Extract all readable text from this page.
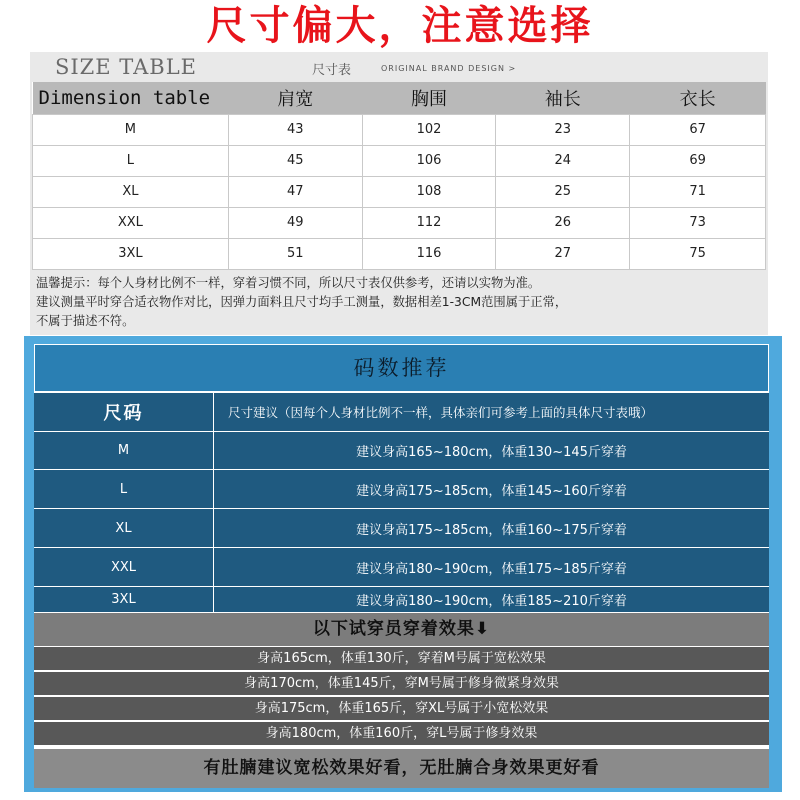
尺寸偏大，注意选择
SIZE TABLE	尺寸表	ORIGINAL BRAND DESIGN >
Dimension table	肩宽	胸围	袖长	衣长
M	43	102	23	67
L	45	106	24	69
XL	47	108	25	71
XXL	49	112	26	73
3XL	51	116	27	75
温馨提示：每个人身材比例不一样，穿着习惯不同，所以尺寸表仅供参考，还请以实物为准。
建议测量平时穿合适衣物作对比，因弹力面料且尺寸均手工测量，数据相差1-3CM范围属于正常，
不属于描述不符。
码数推荐
尺码	尺寸建议（因每个人身材比例不一样，具体亲们可参考上面的具体尺寸表哦）
M	建议身高165~180cm，体重130~145斤穿着
L	建议身高175~185cm，体重145~160斤穿着
XL	建议身高175~185cm，体重160~175斤穿着
XXL	建议身高180~190cm，体重175~185斤穿着
3XL	建议身高180~190cm，体重185~210斤穿着
以下试穿员穿着效果⬇
身高165cm，体重130斤，穿着M号属于宽松效果
身高170cm，体重145斤，穿M号属于修身微紧身效果
身高175cm，体重165斤，穿XL号属于小宽松效果
身高180cm，体重160斤，穿L号属于修身效果
有肚腩建议宽松效果好看，无肚腩合身效果更好看
